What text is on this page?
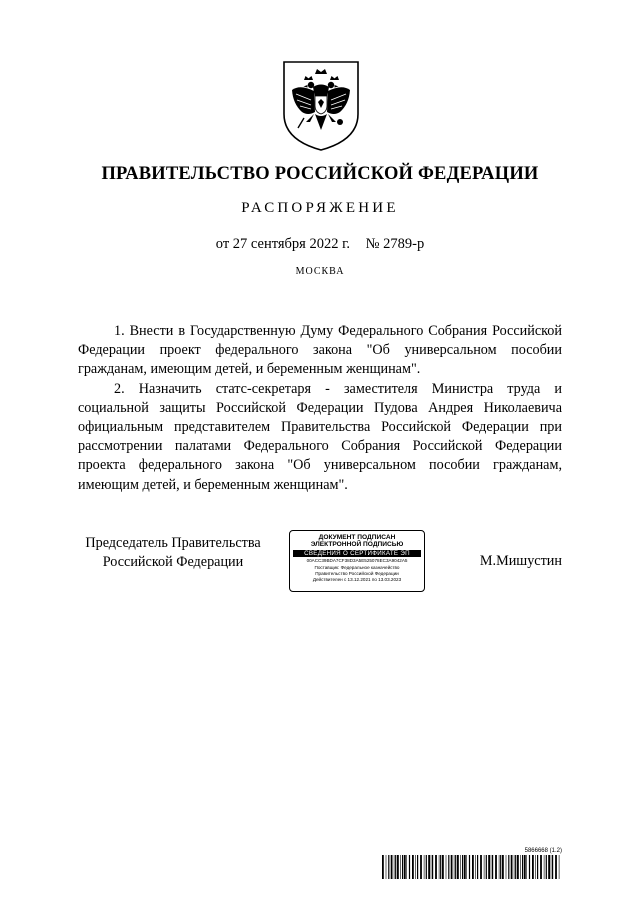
ПРАВИТЕЛЬСТВО РОССИЙСКОЙ ФЕДЕРАЦИИ
РАСПОРЯЖЕНИЕ
от 27 сентября 2022 г. № 2789-р
МОСКВА

1. Внести в Государственную Думу Федерального Собрания Российской Федерации проект федерального закона "Об универсальном пособии гражданам, имеющим детей, и беременным женщинам".

2. Назначить статс-секретаря - заместителя Министра труда и социальной защиты Российской Федерации Пудова Андрея Николаевича официальным представителем Правительства Российской Федерации при рассмотрении палатами Федерального Собрания Российской Федерации проекта федерального закона "Об универсальном пособии гражданам, имеющим детей, и беременным женщинам".

Председатель Правительства
Российской Федерации
ДОКУМЕНТ ПОДПИСАН
ЭЛЕКТРОННОЙ ПОДПИСЬЮ
СВЕДЕНИЯ О СЕРТИФИКАТЕ ЭП
00ACC39BDA7CF38D3A5E525078EC3A9042A5
Поставщик: Федеральное казначейство
Правительство Российской Федерации
Действителен с 13.12.2021 по 13.03.2023
М.Мишустин
5866668 (1.2)
